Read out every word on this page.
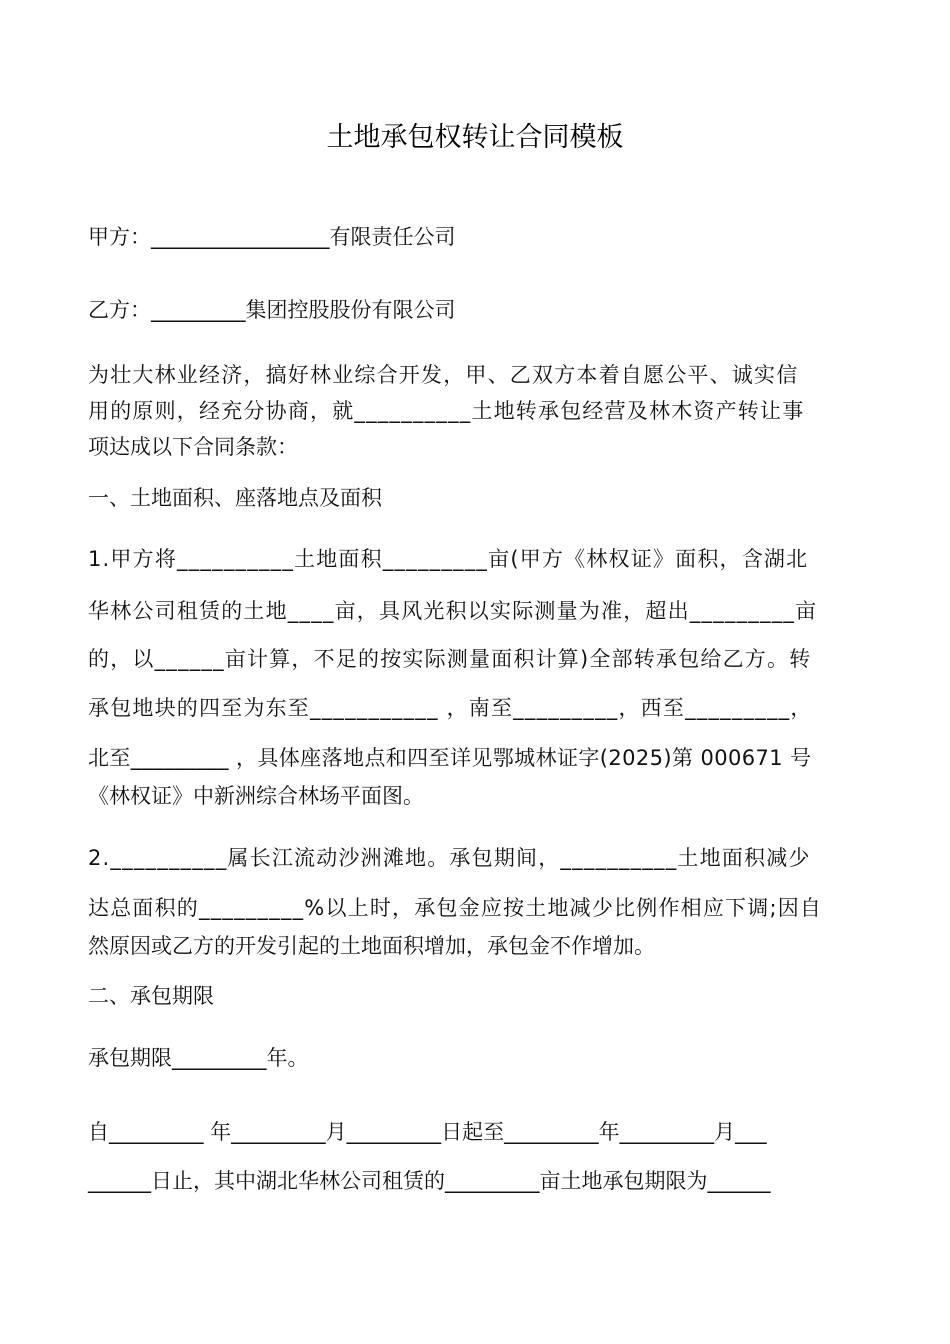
土地承包权转让合同模板
甲方：_________________有限责任公司
乙方：_________集团控股股份有限公司
为壮大林业经济，搞好林业综合开发，甲、乙双方本着自愿公平、诚实信
用的原则，经充分协商，就__________土地转承包经营及林木资产转让事
项达成以下合同条款：
一、土地面积、座落地点及面积
1.甲方将__________土地面积_________亩(甲方《林权证》面积，含湖北
华林公司租赁的土地____亩，具风光积以实际测量为准，超出_________亩
的，以______亩计算，不足的按实际测量面积计算)全部转承包给乙方。转
承包地块的四至为东至___________ ，南至_________，西至_________，
北至_________ ，具体座落地点和四至详见鄂城林证字(2025)第 000671 号
《林权证》中新洲综合林场平面图。
2.__________属长江流动沙洲滩地。承包期间，__________土地面积减少
达总面积的_________%以上时，承包金应按土地减少比例作相应下调;因自
然原因或乙方的开发引起的土地面积增加，承包金不作增加。
二、承包期限
承包期限_________年。
自_________ 年_________月_________日起至_________年_________月___
______日止，其中湖北华林公司租赁的_________亩土地承包期限为______
